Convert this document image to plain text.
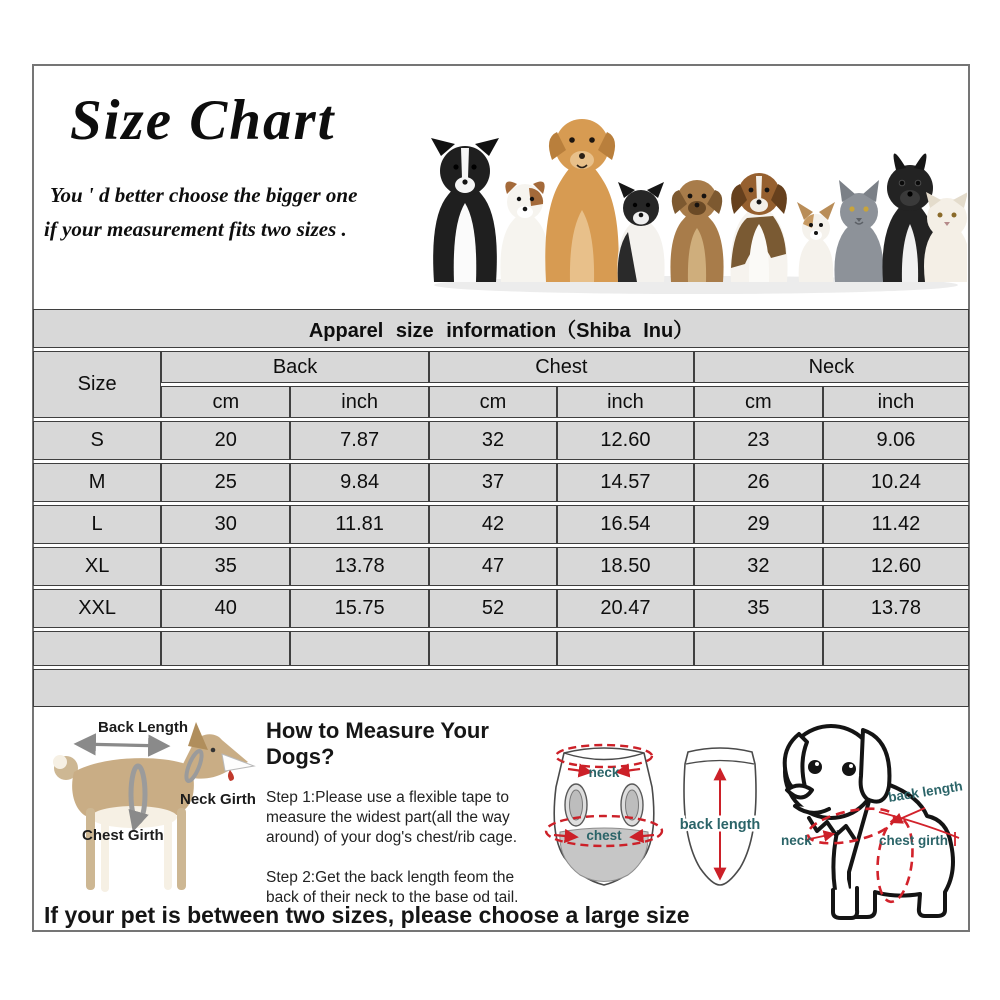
Size Chart
You ' d better choose the bigger one
if your measurement fits two sizes .
Apparel size information（Shiba Inu）						
Size	Back		Chest		Neck	
	cm	inch	cm	inch	cm	inch
S	20	7.87	32	12.60	23	9.06
M	25	9.84	37	14.57	26	10.24
L	30	11.81	42	16.54	29	11.42
XL	35	13.78	47	18.50	32	12.60
XXL	40	15.75	52	20.47	35	13.78

Back Length
Neck Girth
Chest Girth
How to Measure Your Dogs?

Step 1:Please use a flexible tape to measure the widest part(all the way around) of your dog's chest/rib cage.

Step 2:Get the back length feom the back of their neck to the base od tail.

neck
chest
back length
neck
back length
chest girth
If your pet is between two sizes, please choose a large size
